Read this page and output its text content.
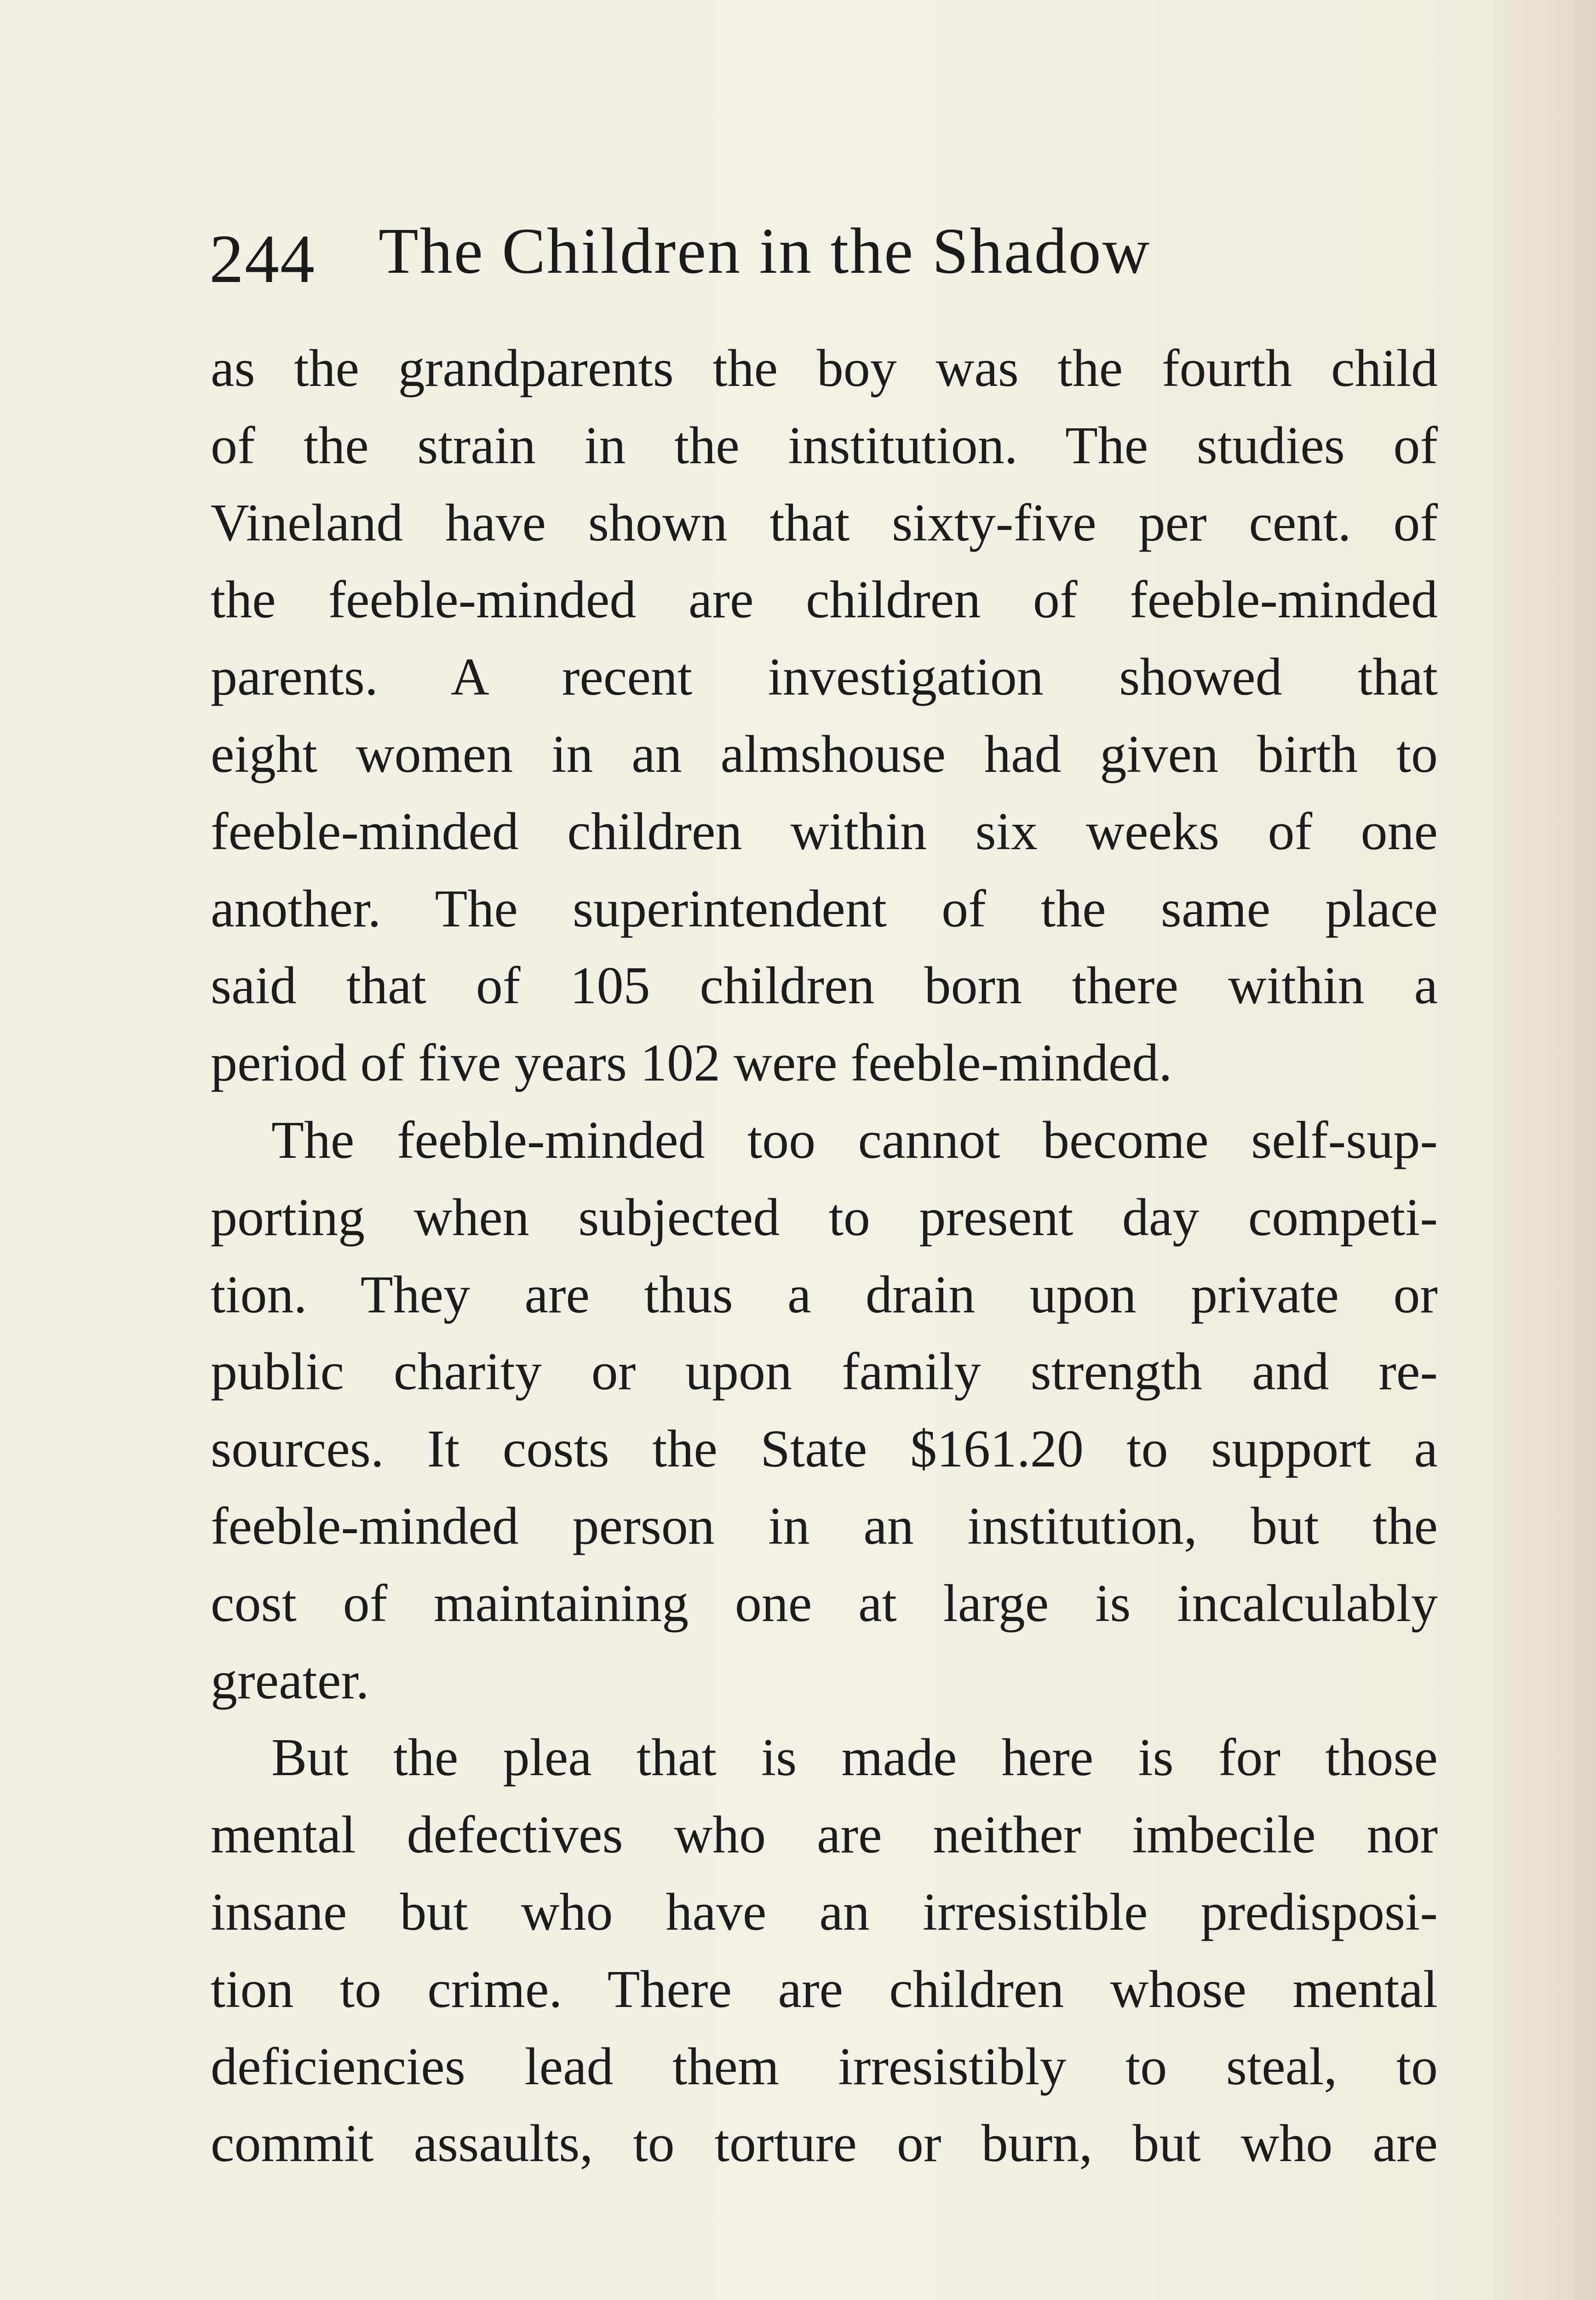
244 The Children in the Shadow
as the grandparents the boy was the fourth child
of the strain in the institution. The studies of
Vineland have shown that sixty-five per cent. of
the feeble-minded are children of feeble-minded
parents. A recent investigation showed that
eight women in an almshouse had given birth to
feeble-minded children within six weeks of one
another. The superintendent of the same place
said that of 105 children born there within a
period of five years 102 were feeble-minded.
The feeble-minded too cannot become self-sup-
porting when subjected to present day competi-
tion. They are thus a drain upon private or
public charity or upon family strength and re-
sources. It costs the State $161.20 to support a
feeble-minded person in an institution, but the
cost of maintaining one at large is incalculably
greater.
But the plea that is made here is for those
mental defectives who are neither imbecile nor
insane but who have an irresistible predisposi-
tion to crime. There are children whose mental
deficiencies lead them irresistibly to steal, to
commit assaults, to torture or burn, but who are
